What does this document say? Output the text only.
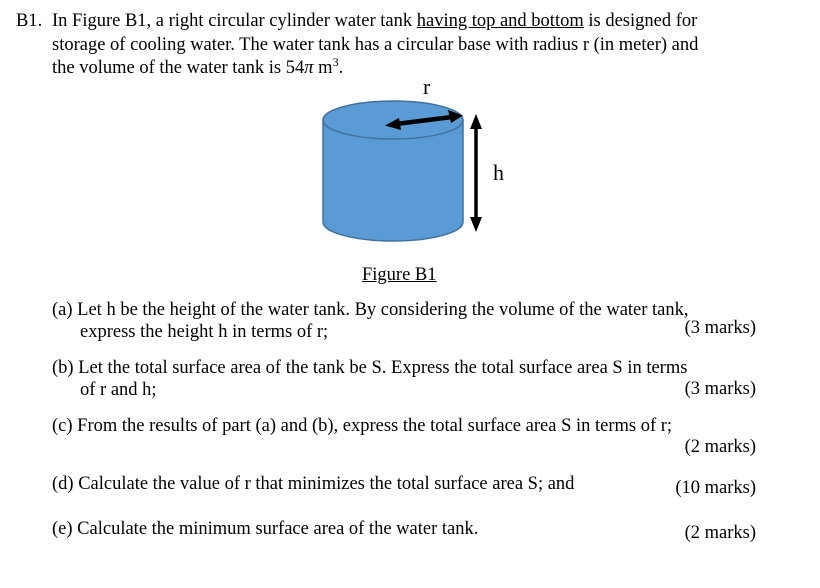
B1. In Figure B1, a right circular cylinder water tank having top and bottom is designed for
storage of cooling water. The water tank has a circular base with radius r (in meter) and
the volume of the water tank is 54π $m^3$.
r
h
Figure B1
(a) Let h be the height of the water tank. By considering the volume of the water tank, express the height h in terms of r;	(3 marks)
(b) Let the total surface area of the tank be S. Express the total surface area S in terms of r and h;	(3 marks)
(c) From the results of part (a) and (b), express the total surface area S in terms of r;
(2 marks)
(d) Calculate the value of r that minimizes the total surface area S; and	(10 marks)
(e) Calculate the minimum surface area of the water tank.	(2 marks)
